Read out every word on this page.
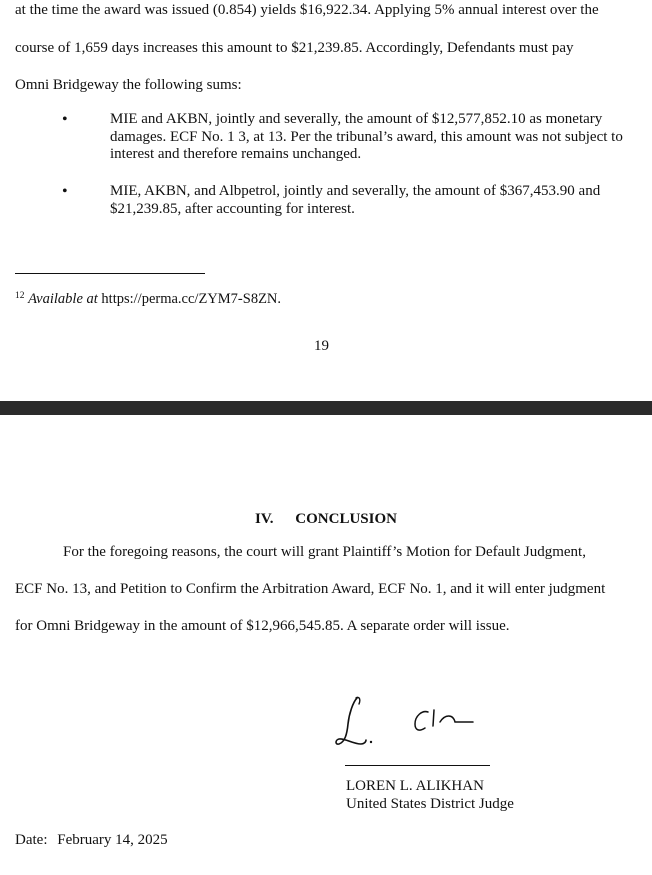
at the time the award was issued (0.854) yields $16,922.34. Applying 5% annual interest over the
course of 1,659 days increases this amount to $21,239.85. Accordingly, Defendants must pay
Omni Bridgeway the following sums:
•	MIE and AKBN, jointly and severally, the amount of $12,577,852.10 as monetary damages. ECF No. 1 3, at 13. Per the tribunal’s award, this amount was not subject to interest and therefore remains unchanged.
•	MIE, AKBN, and Albpetrol, jointly and severally, the amount of $367,453.90 and $21,239.85, after accounting for interest.
$^{12}$ Available at https://perma.cc/ZYM7-S8ZN.
19
IV. CONCLUSION
For the foregoing reasons, the court will grant Plaintiff’s Motion for Default Judgment,
ECF No. 13, and Petition to Confirm the Arbitration Award, ECF No. 1, and it will enter judgment
for Omni Bridgeway in the amount of $12,966,545.85. A separate order will issue.
LOREN L. ALIKHAN
United States District Judge
Date: February 14, 2025
